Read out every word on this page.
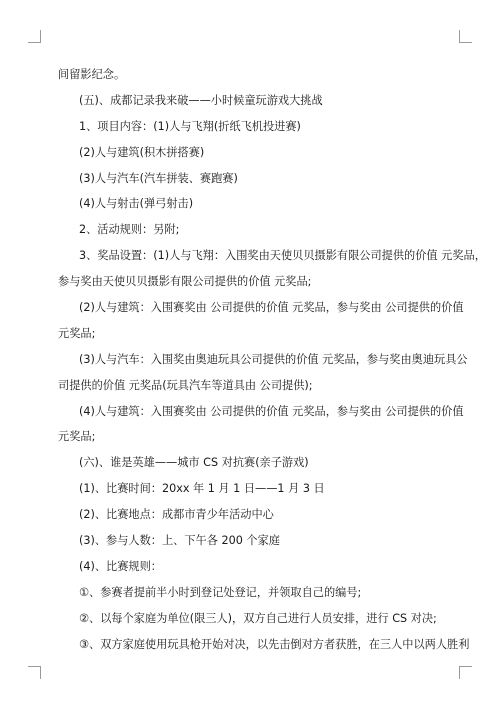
间留影纪念。
(五)、成都记录我来破——小时候童玩游戏大挑战
1、项目内容：(1)人与飞翔(折纸飞机投进赛)
(2)人与建筑(积木拼搭赛)
(3)人与汽车(汽车拼装、赛跑赛)
(4)人与射击(弹弓射击)
2、活动规则：另附;
3、奖品设置：(1)人与飞翔：入围奖由天使贝贝摄影有限公司提供的价值 元奖品，
参与奖由天使贝贝摄影有限公司提供的价值 元奖品;
(2)人与建筑：入围赛奖由 公司提供的价值 元奖品，参与奖由 公司提供的价值
元奖品;
(3)人与汽车：入围奖由奥迪玩具公司提供的价值 元奖品，参与奖由奥迪玩具公
司提供的价值 元奖品(玩具汽车等道具由 公司提供);
(4)人与建筑：入围赛奖由 公司提供的价值 元奖品，参与奖由 公司提供的价值
元奖品;
(六)、谁是英雄——城市 CS 对抗赛(亲子游戏)
(1)、比赛时间：20xx 年 1 月 1 日——1 月 3 日
(2)、比赛地点：成都市青少年活动中心
(3)、参与人数：上、下午各 200 个家庭
(4)、比赛规则：
①、参赛者提前半小时到登记处登记，并领取自己的编号;
②、以每个家庭为单位(限三人)，双方自己进行人员安排，进行 CS 对决;
③、双方家庭使用玩具枪开始对决，以先击倒对方者获胜，在三人中以两人胜利
